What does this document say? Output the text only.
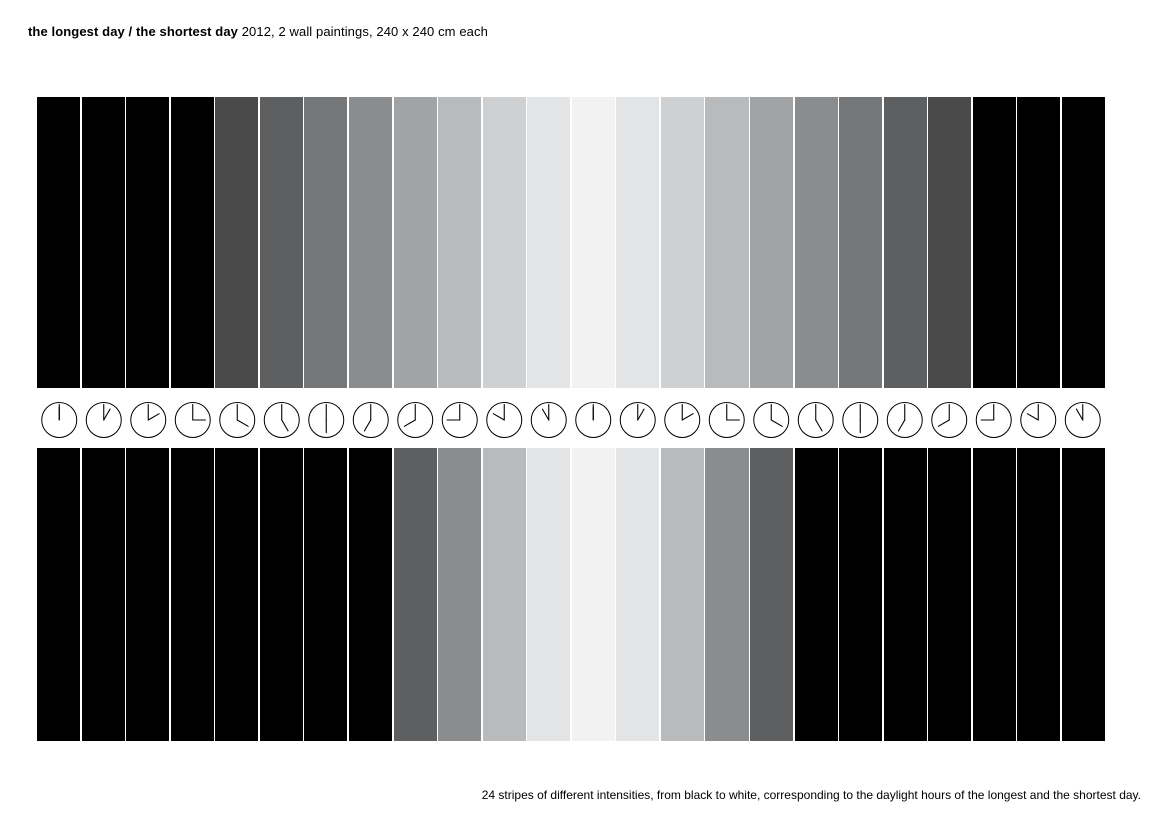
the longest day / the shortest day 2012, 2 wall paintings, 240 x 240 cm each
24 stripes of different intensities, from black to white, corresponding to the daylight hours of the longest and the shortest day.
